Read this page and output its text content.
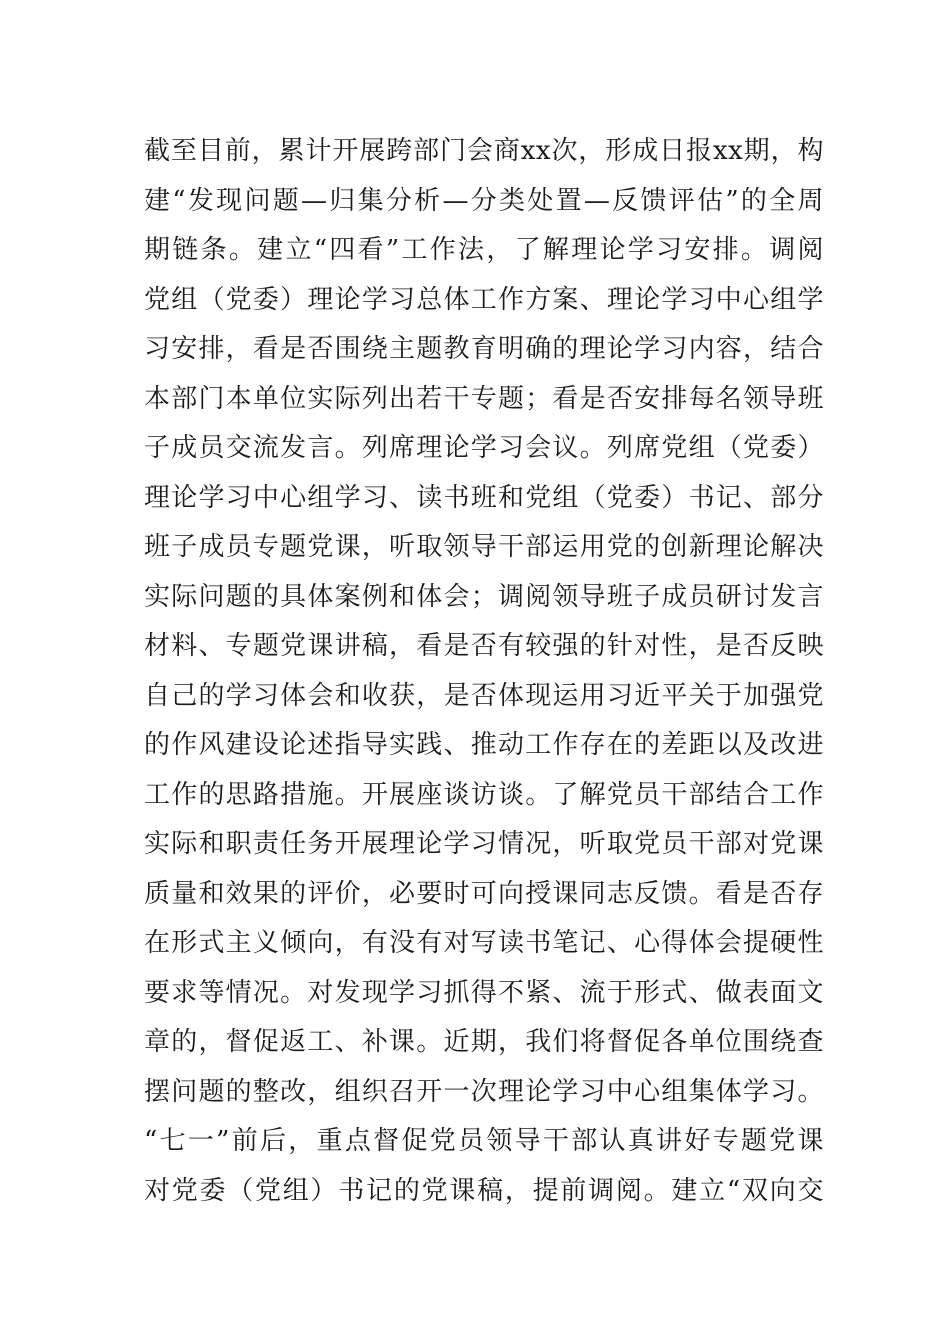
截至目前，累计开展跨部门会商xx次，形成日报xx期，构
建“发现问题—归集分析—分类处置—反馈评估”的全周
期链条。建立“四看”工作法，了解理论学习安排。调阅
党组（党委）理论学习总体工作方案、理论学习中心组学
习安排，看是否围绕主题教育明确的理论学习内容，结合
本部门本单位实际列出若干专题；看是否安排每名领导班
子成员交流发言。列席理论学习会议。列席党组（党委）
理论学习中心组学习、读书班和党组（党委）书记、部分
班子成员专题党课，听取领导干部运用党的创新理论解决
实际问题的具体案例和体会；调阅领导班子成员研讨发言
材料、专题党课讲稿，看是否有较强的针对性，是否反映
自己的学习体会和收获，是否体现运用习近平关于加强党
的作风建设论述指导实践、推动工作存在的差距以及改进
工作的思路措施。开展座谈访谈。了解党员干部结合工作
实际和职责任务开展理论学习情况，听取党员干部对党课
质量和效果的评价，必要时可向授课同志反馈。看是否存
在形式主义倾向，有没有对写读书笔记、心得体会提硬性
要求等情况。对发现学习抓得不紧、流于形式、做表面文
章的，督促返工、补课。近期，我们将督促各单位围绕查
摆问题的整改，组织召开一次理论学习中心组集体学习。
“七一”前后，重点督促党员领导干部认真讲好专题党课
对党委（党组）书记的党课稿，提前调阅。建立“双向交
